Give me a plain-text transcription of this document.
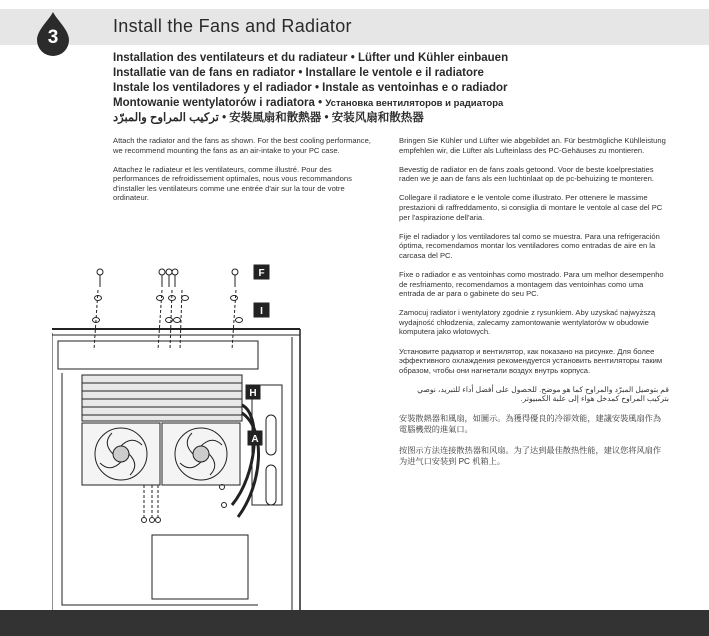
3
Install the Fans and Radiator
Installation des ventilateurs et du radiateur • Lüfter und Kühler einbauen
Installatie van de fans en radiator • Installare le ventole e il radiatore
Instale los ventiladores y el radiador • Instale as ventoinhas e o radiador
Montowanie wentylatorów i radiatora • Установка вентиляторов и радиатора
تركيب المراوح والمبرّد • 安裝風扇和散熱器 • 安装风扇和散热器

Attach the radiator and the fans as shown. For the best cooling performance, we recommend mounting the fans as an air-intake to your PC case.

Attachez le radiateur et les ventilateurs, comme illustré. Pour des performances de refroidissement optimales, nous vous recommandons d'installer les ventilateurs comme une entrée d'air sur la tour de votre ordinateur.

Bringen Sie Kühler und Lüfter wie abgebildet an. Für bestmögliche Kühlleistung empfehlen wir, die Lüfter als Lufteinlass des PC-Gehäuses zu montieren.

Bevestig de radiator en de fans zoals getoond. Voor de beste koelprestaties raden we je aan de fans als een luchtinlaat op de pc-behuizing te monteren.

Collegare il radiatore e le ventole come illustrato. Per ottenere le massime prestazioni di raffreddamento, si consiglia di montare le ventole al case del PC per l'aspirazione dell'aria.

Fije el radiador y los ventiladores tal como se muestra. Para una refrigeración óptima, recomendamos montar los ventiladores como entradas de aire en la carcasa del PC.

Fixe o radiador e as ventoinhas como mostrado. Para um melhor desempenho de resfriamento, recomendamos a montagem das ventoinhas como uma entrada de ar para o gabinete do seu PC.

Zamocuj radiator i wentylatory zgodnie z rysunkiem. Aby uzyskać najwyższą wydajność chłodzenia, zalecamy zamontowanie wentylatorów w obudowie komputera jako wlotowych.

Установите радиатор и вентилятор, как показано на рисунке. Для более эффективного охлаждения рекомендуется установить вентиляторы таким образом, чтобы они нагнетали воздух внутрь корпуса.

قم بتوصيل المبرّد والمراوح كما هو موضح. للحصول على أفضل أداء للتبريد، نوصي بتركيب المراوح كمدخل هواء إلى علبة الكمبيوتر.

安裝散熱器和風扇，如圖示。為獲得優良的冷卻效能，建議安裝風扇作為電腦機殼的進氣口。

按图示方法连接散热器和风扇。为了达到最佳散热性能，建议您将风扇作为进气口安装到 PC 机箱上。

F
I
H
A
